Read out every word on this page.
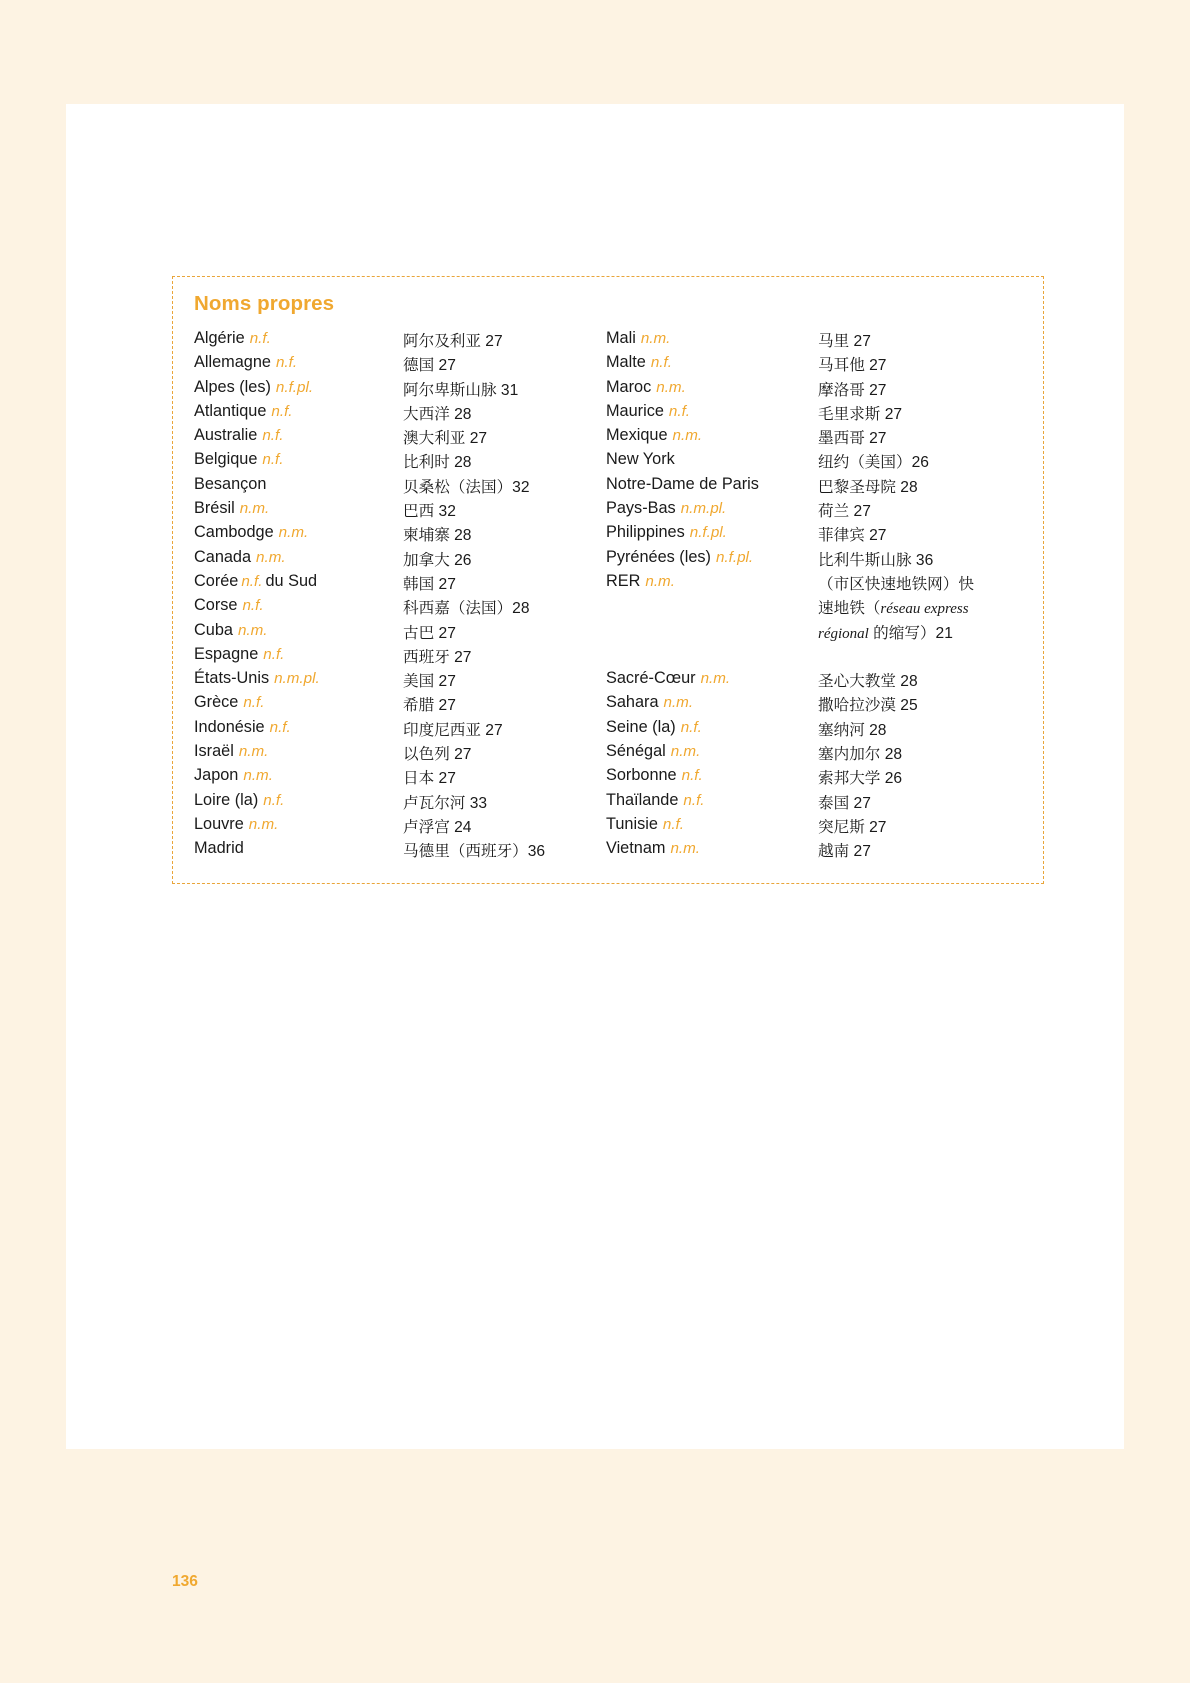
Noms propres
Algérie n.f.	阿尔及利亚 27
Allemagne n.f.	德国 27
Alpes (les) n.f.pl.	阿尔卑斯山脉 31
Atlantique n.f.	大西洋 28
Australie n.f.	澳大利亚 27
Belgique n.f.	比利时 28
Besançon	贝桑松（法国）32
Brésil n.m.	巴西 32
Cambodge n.m.	柬埔寨 28
Canada n.m.	加拿大 26
Corée n.f. du Sud	韩国 27
Corse n.f.	科西嘉（法国）28
Cuba n.m.	古巴 27
Espagne n.f.	西班牙 27
États-Unis n.m.pl.	美国 27
Grèce n.f.	希腊 27
Indonésie n.f.	印度尼西亚 27
Israël n.m.	以色列 27
Japon n.m.	日本 27
Loire (la) n.f.	卢瓦尔河 33
Louvre n.m.	卢浮宫 24
Madrid	马德里（西班牙）36
Mali n.m.	马里 27
Malte n.f.	马耳他 27
Maroc n.m.	摩洛哥 27
Maurice n.f.	毛里求斯 27
Mexique n.m.	墨西哥 27
New York	纽约（美国）26
Notre-Dame de Paris	巴黎圣母院 28
Pays-Bas n.m.pl.	荷兰 27
Philippines n.f.pl.	菲律宾 27
Pyrénées (les) n.f.pl.	比利牛斯山脉 36
RER n.m.	（市区快速地铁网）快
速地铁（réseau express
régional 的缩写）21
Sacré-Cœur n.m.	圣心大教堂 28
Sahara n.m.	撒哈拉沙漠 25
Seine (la) n.f.	塞纳河 28
Sénégal n.m.	塞内加尔 28
Sorbonne n.f.	索邦大学 26
Thaïlande n.f.	泰国 27
Tunisie n.f.	突尼斯 27
Vietnam n.m.	越南 27
136
